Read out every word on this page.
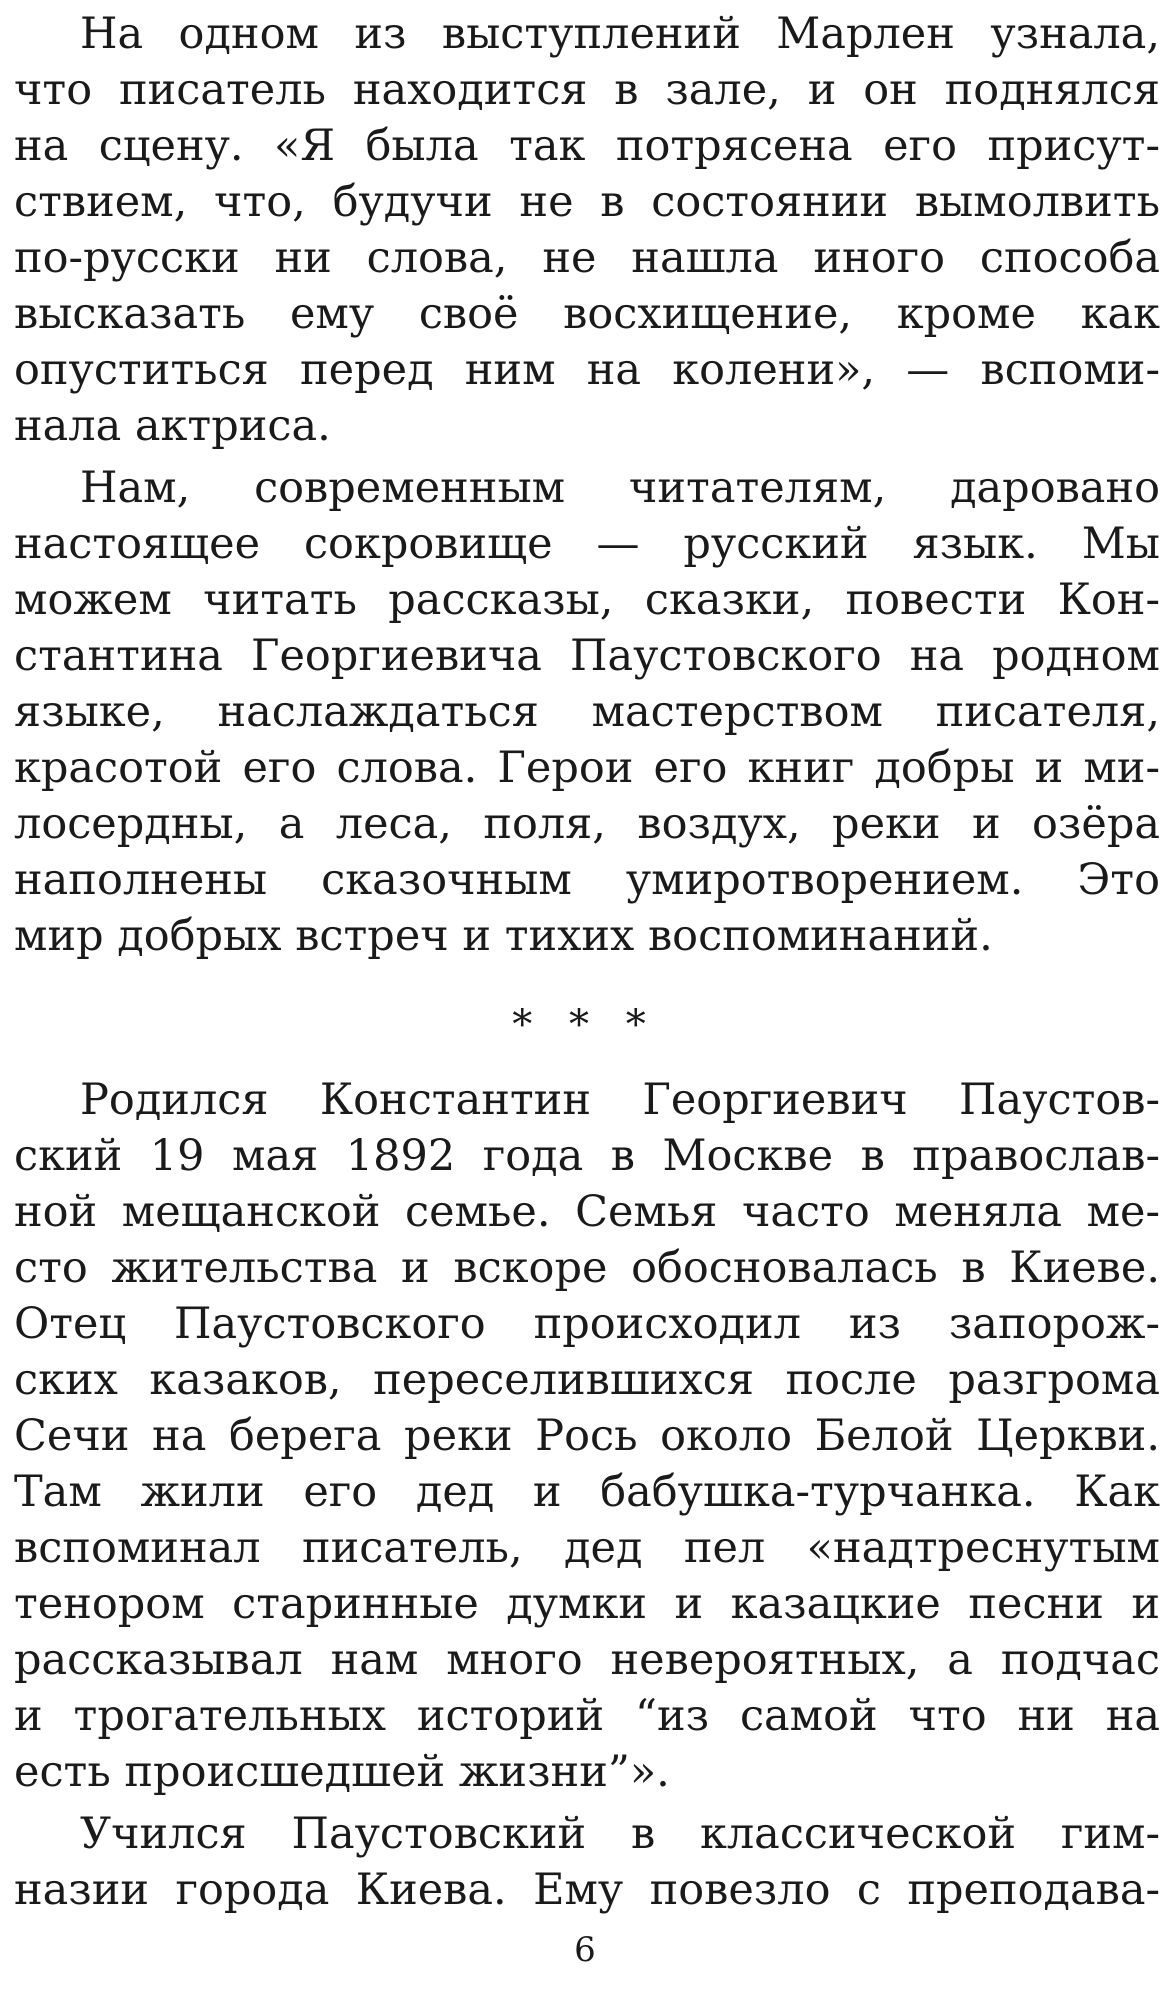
На одном из выступлений Марлен узнала,
что писатель находится в зале, и он поднялся
на сцену. «Я была так потрясена его присут-
ствием, что, будучи не в состоянии вымолвить
по-русски ни слова, не нашла иного способа
высказать ему своё восхищение, кроме как
опуститься перед ним на колени», — вспоми-
нала актриса.
Нам, современным читателям, даровано
настоящее сокровище — русский язык. Мы
можем читать рассказы, сказки, повести Кон-
стантина Георгиевича Паустовского на родном
языке, наслаждаться мастерством писателя,
красотой его слова. Герои его книг добры и ми-
лосердны, а леса, поля, воздух, реки и озёра
наполнены сказочным умиротворением. Это
мир добрых встреч и тихих воспоминаний.
* * *
Родился Константин Георгиевич Паустов-
ский 19 мая 1892 года в Москве в православ-
ной мещанской семье. Семья часто меняла ме-
сто жительства и вскоре обосновалась в Киеве.
Отец Паустовского происходил из запорож-
ских казаков, переселившихся после разгрома
Сечи на берега реки Рось около Белой Церкви.
Там жили его дед и бабушка-турчанка. Как
вспоминал писатель, дед пел «надтреснутым
тенором старинные думки и казацкие песни и
рассказывал нам много невероятных, а подчас
и трогательных историй “из самой что ни на
есть происшедшей жизни”».
Учился Паустовский в классической гим-
назии города Киева. Ему повезло с преподава-
6
